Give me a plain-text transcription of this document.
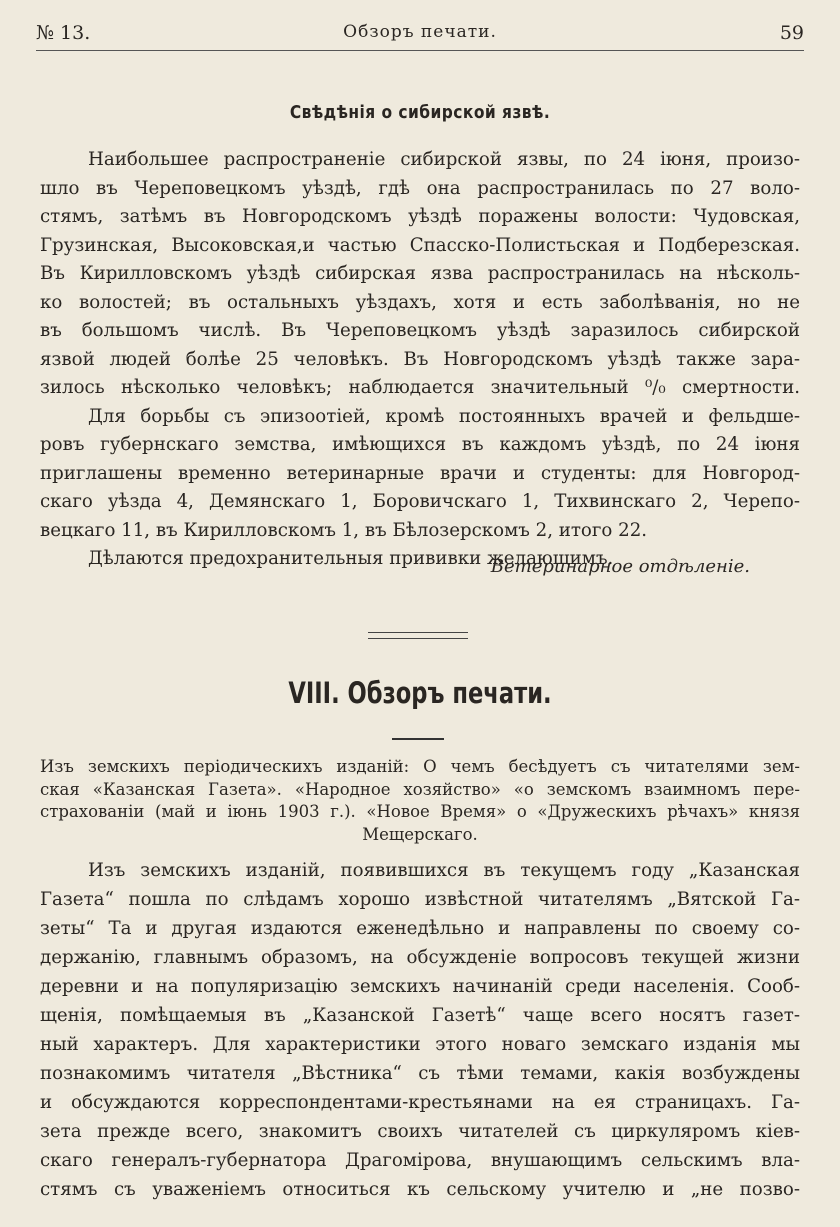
№ 13.	Обзоръ печати.	59
Свѣдѣнія о сибирской язвѣ.
Наибольшее распространеніе сибирской язвы, по 24 іюня, произо-
шло въ Череповецкомъ уѣздѣ, гдѣ она распространилась по 27 воло-
стямъ, затѣмъ въ Новгородскомъ уѣздѣ поражены волости: Чудовская,
Грузинская, Высоковская,и частью Спасско-Полистьская и Подберезская.
Въ Кирилловскомъ уѣздѣ сибирская язва распространилась на нѣсколь-
ко волостей; въ остальныхъ уѣздахъ, хотя и есть заболѣванія, но не
въ большомъ числѣ. Въ Череповецкомъ уѣздѣ заразилось сибирской
язвой людей болѣе 25 человѣкъ. Въ Новгородскомъ уѣздѣ также зара-
зилось нѣсколько человѣкъ; наблюдается значительный ⁰/₀ смертности.
Для борьбы съ эпизоотіей, кромѣ постоянныхъ врачей и фельдше-
ровъ губернскаго земства, имѣющихся въ каждомъ уѣздѣ, по 24 іюня
приглашены временно ветеринарные врачи и студенты: для Новгород-
скаго уѣзда 4, Демянскаго 1, Боровичскаго 1, Тихвинскаго 2, Черепо-
вецкаго 11, въ Кирилловскомъ 1, въ Бѣлозерскомъ 2, итого 22.
Дѣлаются предохранительныя прививки желающимъ.
Ветеринарное отдѣленіе.
VIII. Обзоръ печати.
Изъ земскихъ періодическихъ изданій: О чемъ бесѣдуетъ съ читателями зем-
ская «Казанская Газета». «Народное хозяйство» «о земскомъ взаимномъ пере-
страхованіи (май и іюнь 1903 г.). «Новое Время» о «Дружескихъ рѣчахъ» князя
Мещерскаго.
Изъ земскихъ изданій, появившихся въ текущемъ году „Казанская
Газета“ пошла по слѣдамъ хорошо извѣстной читателямъ „Вятской Га-
зеты“ Та и другая издаются еженедѣльно и направлены по своему со-
держанію, главнымъ образомъ, на обсужденіе вопросовъ текущей жизни
деревни и на популяризацію земскихъ начинаній среди населенія. Сооб-
щенія, помѣщаемыя въ „Казанской Газетѣ“ чаще всего носятъ газет-
ный характеръ. Для характеристики этого новаго земскаго изданія мы
познакомимъ читателя „Вѣстника“ съ тѣми темами, какія возбуждены
и обсуждаются корреспондентами-крестьянами на ея страницахъ. Га-
зета прежде всего, знакомитъ своихъ читателей съ циркуляромъ кіев-
скаго генералъ-губернатора Драгомірова, внушающимъ сельскимъ вла-
стямъ съ уваженіемъ относиться къ сельскому учителю и „не позво-
